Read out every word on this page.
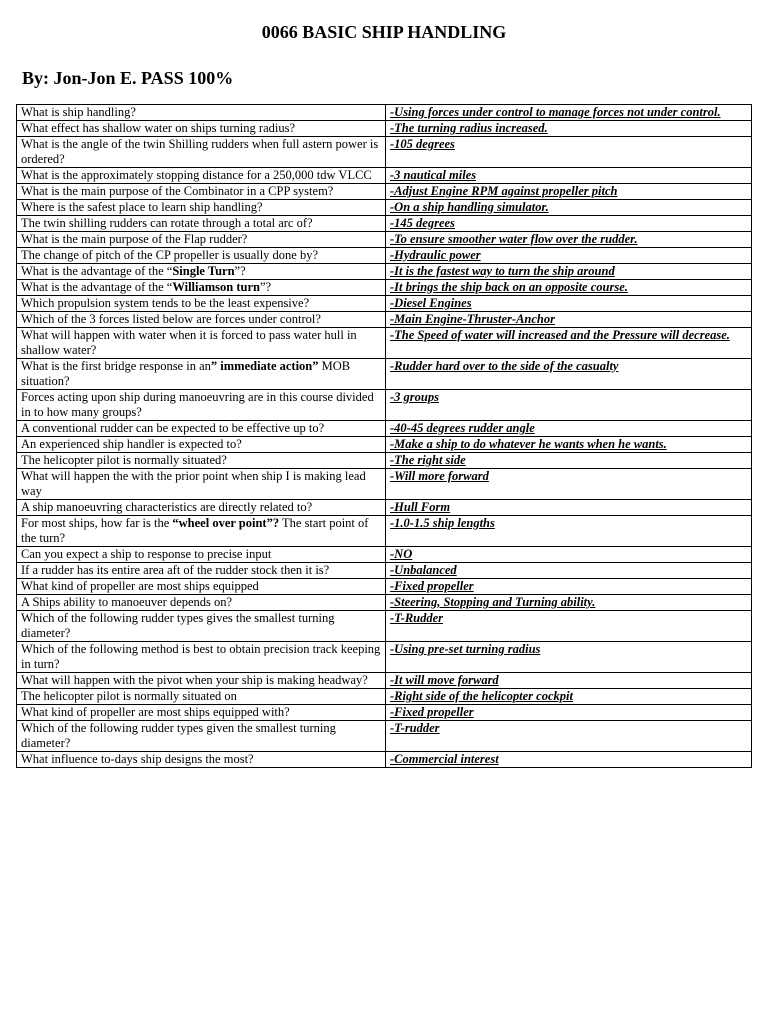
0066 BASIC SHIP HANDLING
By: Jon-Jon E. PASS 100%
What is ship handling?	-Using forces under control to manage forces not under control.
What effect has shallow water on ships turning radius?	-The turning radius increased.
What is the angle of the twin Shilling rudders when full astern power is ordered?	-105 degrees
What is the approximately stopping distance for a 250,000 tdw VLCC	-3 nautical miles
What is the main purpose of the Combinator in a CPP system?	-Adjust Engine RPM against propeller pitch
Where is the safest place to learn ship handling?	-On a ship handling simulator.
The twin shilling rudders can rotate through a total arc of?	-145 degrees
What is the main purpose of the Flap rudder?	-To ensure smoother water flow over the rudder.
The change of pitch of the CP propeller is usually done by?	-Hydraulic power
What is the advantage of the “Single Turn”?	-It is the fastest way to turn the ship around
What is the advantage of the “Williamson turn”?	-It brings the ship back on an opposite course.
Which propulsion system tends to be the least expensive?	-Diesel Engines
Which of the 3 forces listed below are forces under control?	-Main Engine-Thruster-Anchor
What will happen with water when it is forced to pass water hull in shallow water?	-The Speed of water will increased and the Pressure will decrease.
What is the first bridge response in an” immediate action” MOB situation?	-Rudder hard over to the side of the casualty
Forces acting upon ship during manoeuvring are in this course divided in to how many groups?	-3 groups
A conventional rudder can be expected to be effective up to?	-40-45 degrees rudder angle
An experienced ship handler is expected to?	-Make a ship to do whatever he wants when he wants.
The helicopter pilot is normally situated?	-The right side
What will happen the with the prior point when ship I is making lead way	-Will more forward
A ship manoeuvring characteristics are directly related to?	-Hull Form
For most ships, how far is the “wheel over point”? The start point of the turn?	-1.0-1.5 ship lengths
Can you expect a ship to response to precise input	-NO
If a rudder has its entire area aft of the rudder stock then it is?	-Unbalanced
What kind of propeller are most ships equipped	-Fixed propeller
A Ships ability to manoeuver depends on?	-Steering, Stopping and Turning ability.
Which of the following rudder types gives the smallest turning diameter?	-T-Rudder
Which of the following method is best to obtain precision track keeping in turn?	-Using pre-set turning radius
What will happen with the pivot when your ship is making headway?	-It will move forward
The helicopter pilot is normally situated on	-Right side of the helicopter cockpit
What kind of propeller are most ships equipped with?	-Fixed propeller
Which of the following rudder types given the smallest turning diameter?	-T-rudder
What influence to-days ship designs the most?	-Commercial interest
